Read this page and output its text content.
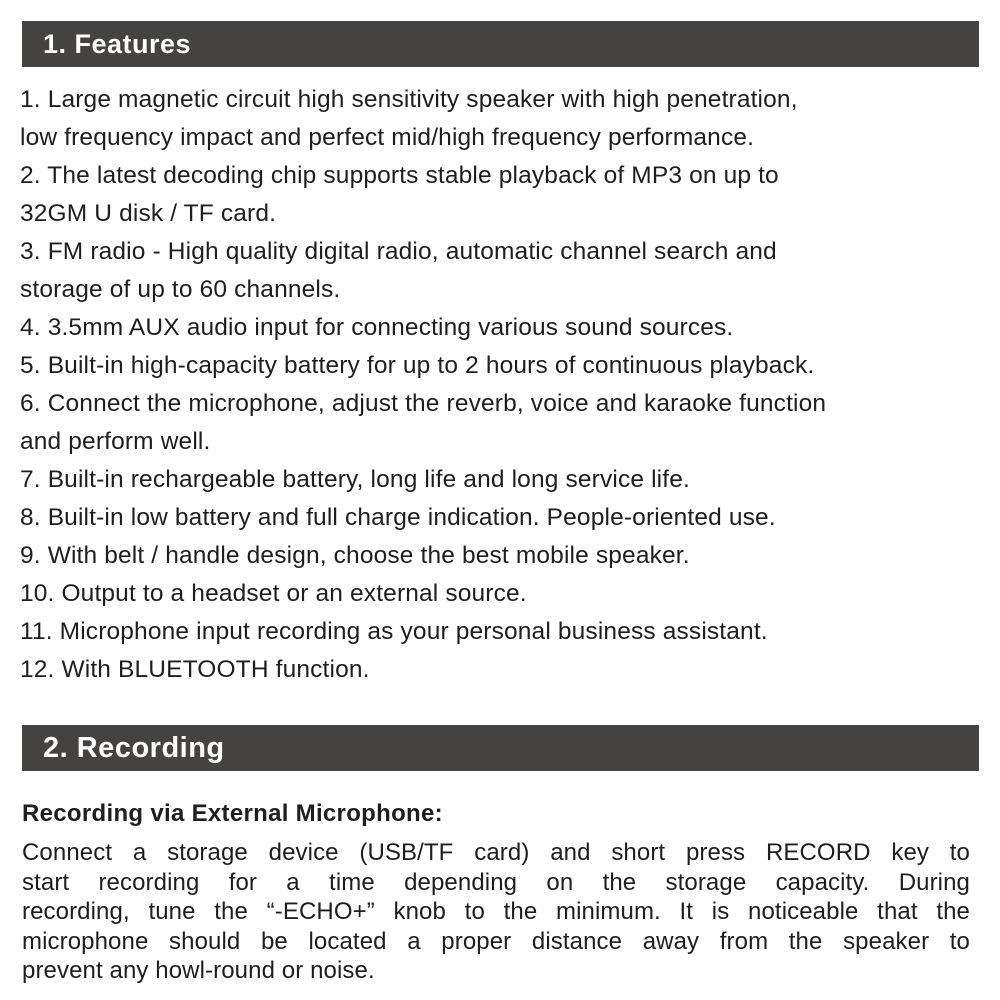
1. Features
1. Large magnetic circuit high sensitivity speaker with high penetration,
low frequency impact and perfect mid/high frequency performance.
2. The latest decoding chip supports stable playback of MP3 on up to
32GM U disk / TF card.
3. FM radio - High quality digital radio, automatic channel search and
storage of up to 60 channels.
4. 3.5mm AUX audio input for connecting various sound sources.
5. Built-in high-capacity battery for up to 2 hours of continuous playback.
6. Connect the microphone, adjust the reverb, voice and karaoke function
and perform well.
7. Built-in rechargeable battery, long life and long service life.
8. Built-in low battery and full charge indication. People-oriented use.
9. With belt / handle design, choose the best mobile speaker.
10. Output to a headset or an external source.
11. Microphone input recording as your personal business assistant.
12. With BLUETOOTH function.
2. Recording
Recording via External Microphone:
Connect a storage device (USB/TF card) and short press RECORD key to
start recording for a time depending on the storage capacity. During
recording, tune the “-ECHO+” knob to the minimum. It is noticeable that the
microphone should be located a proper distance away from the speaker to
prevent any howl-round or noise.
